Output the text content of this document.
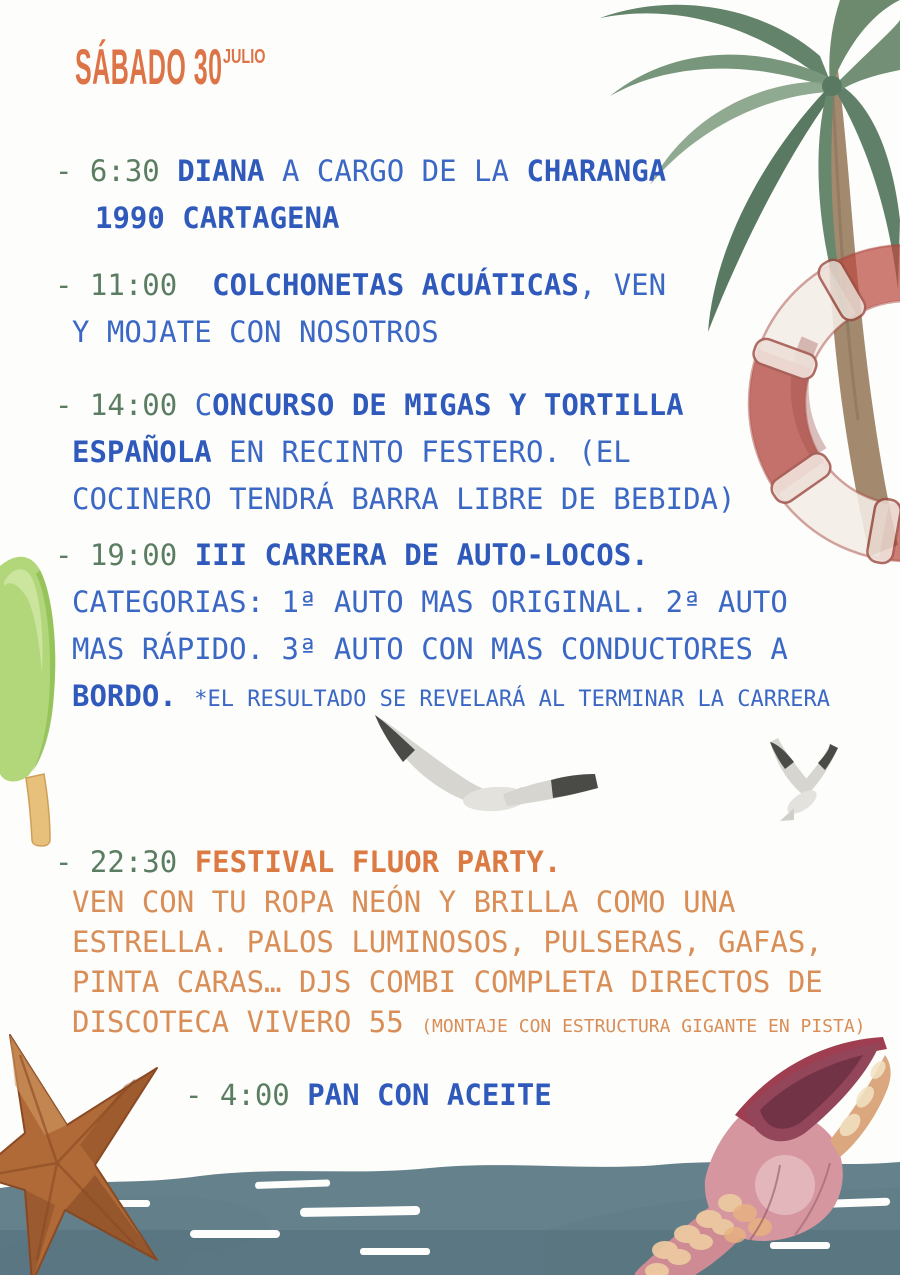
SÁBADO 30 JULIO
- 6:30 DIANA A CARGO DE LA CHARANGA
1990 CARTAGENA
- 11:00  COLCHONETAS ACUÁTICAS, VEN
Y MOJATE CON NOSOTROS
- 14:00 CONCURSO DE MIGAS Y TORTILLA
ESPAÑOLA EN RECINTO FESTERO. (EL
COCINERO TENDRÁ BARRA LIBRE DE BEBIDA)
- 19:00 III CARRERA DE AUTO-LOCOS.
CATEGORIAS: 1ª AUTO MAS ORIGINAL. 2ª AUTO
MAS RÁPIDO. 3ª AUTO CON MAS CONDUCTORES A
BORDO. *EL RESULTADO SE REVELARÁ AL TERMINAR LA CARRERA
- 22:30 FESTIVAL FLUOR PARTY.
VEN CON TU ROPA NEÓN Y BRILLA COMO UNA
ESTRELLA. PALOS LUMINOSOS, PULSERAS, GAFAS,
PINTA CARAS… DJS COMBI COMPLETA DIRECTOS DE
DISCOTECA VIVERO 55 (MONTAJE CON ESTRUCTURA GIGANTE EN PISTA)
- 4:00 PAN CON ACEITE
